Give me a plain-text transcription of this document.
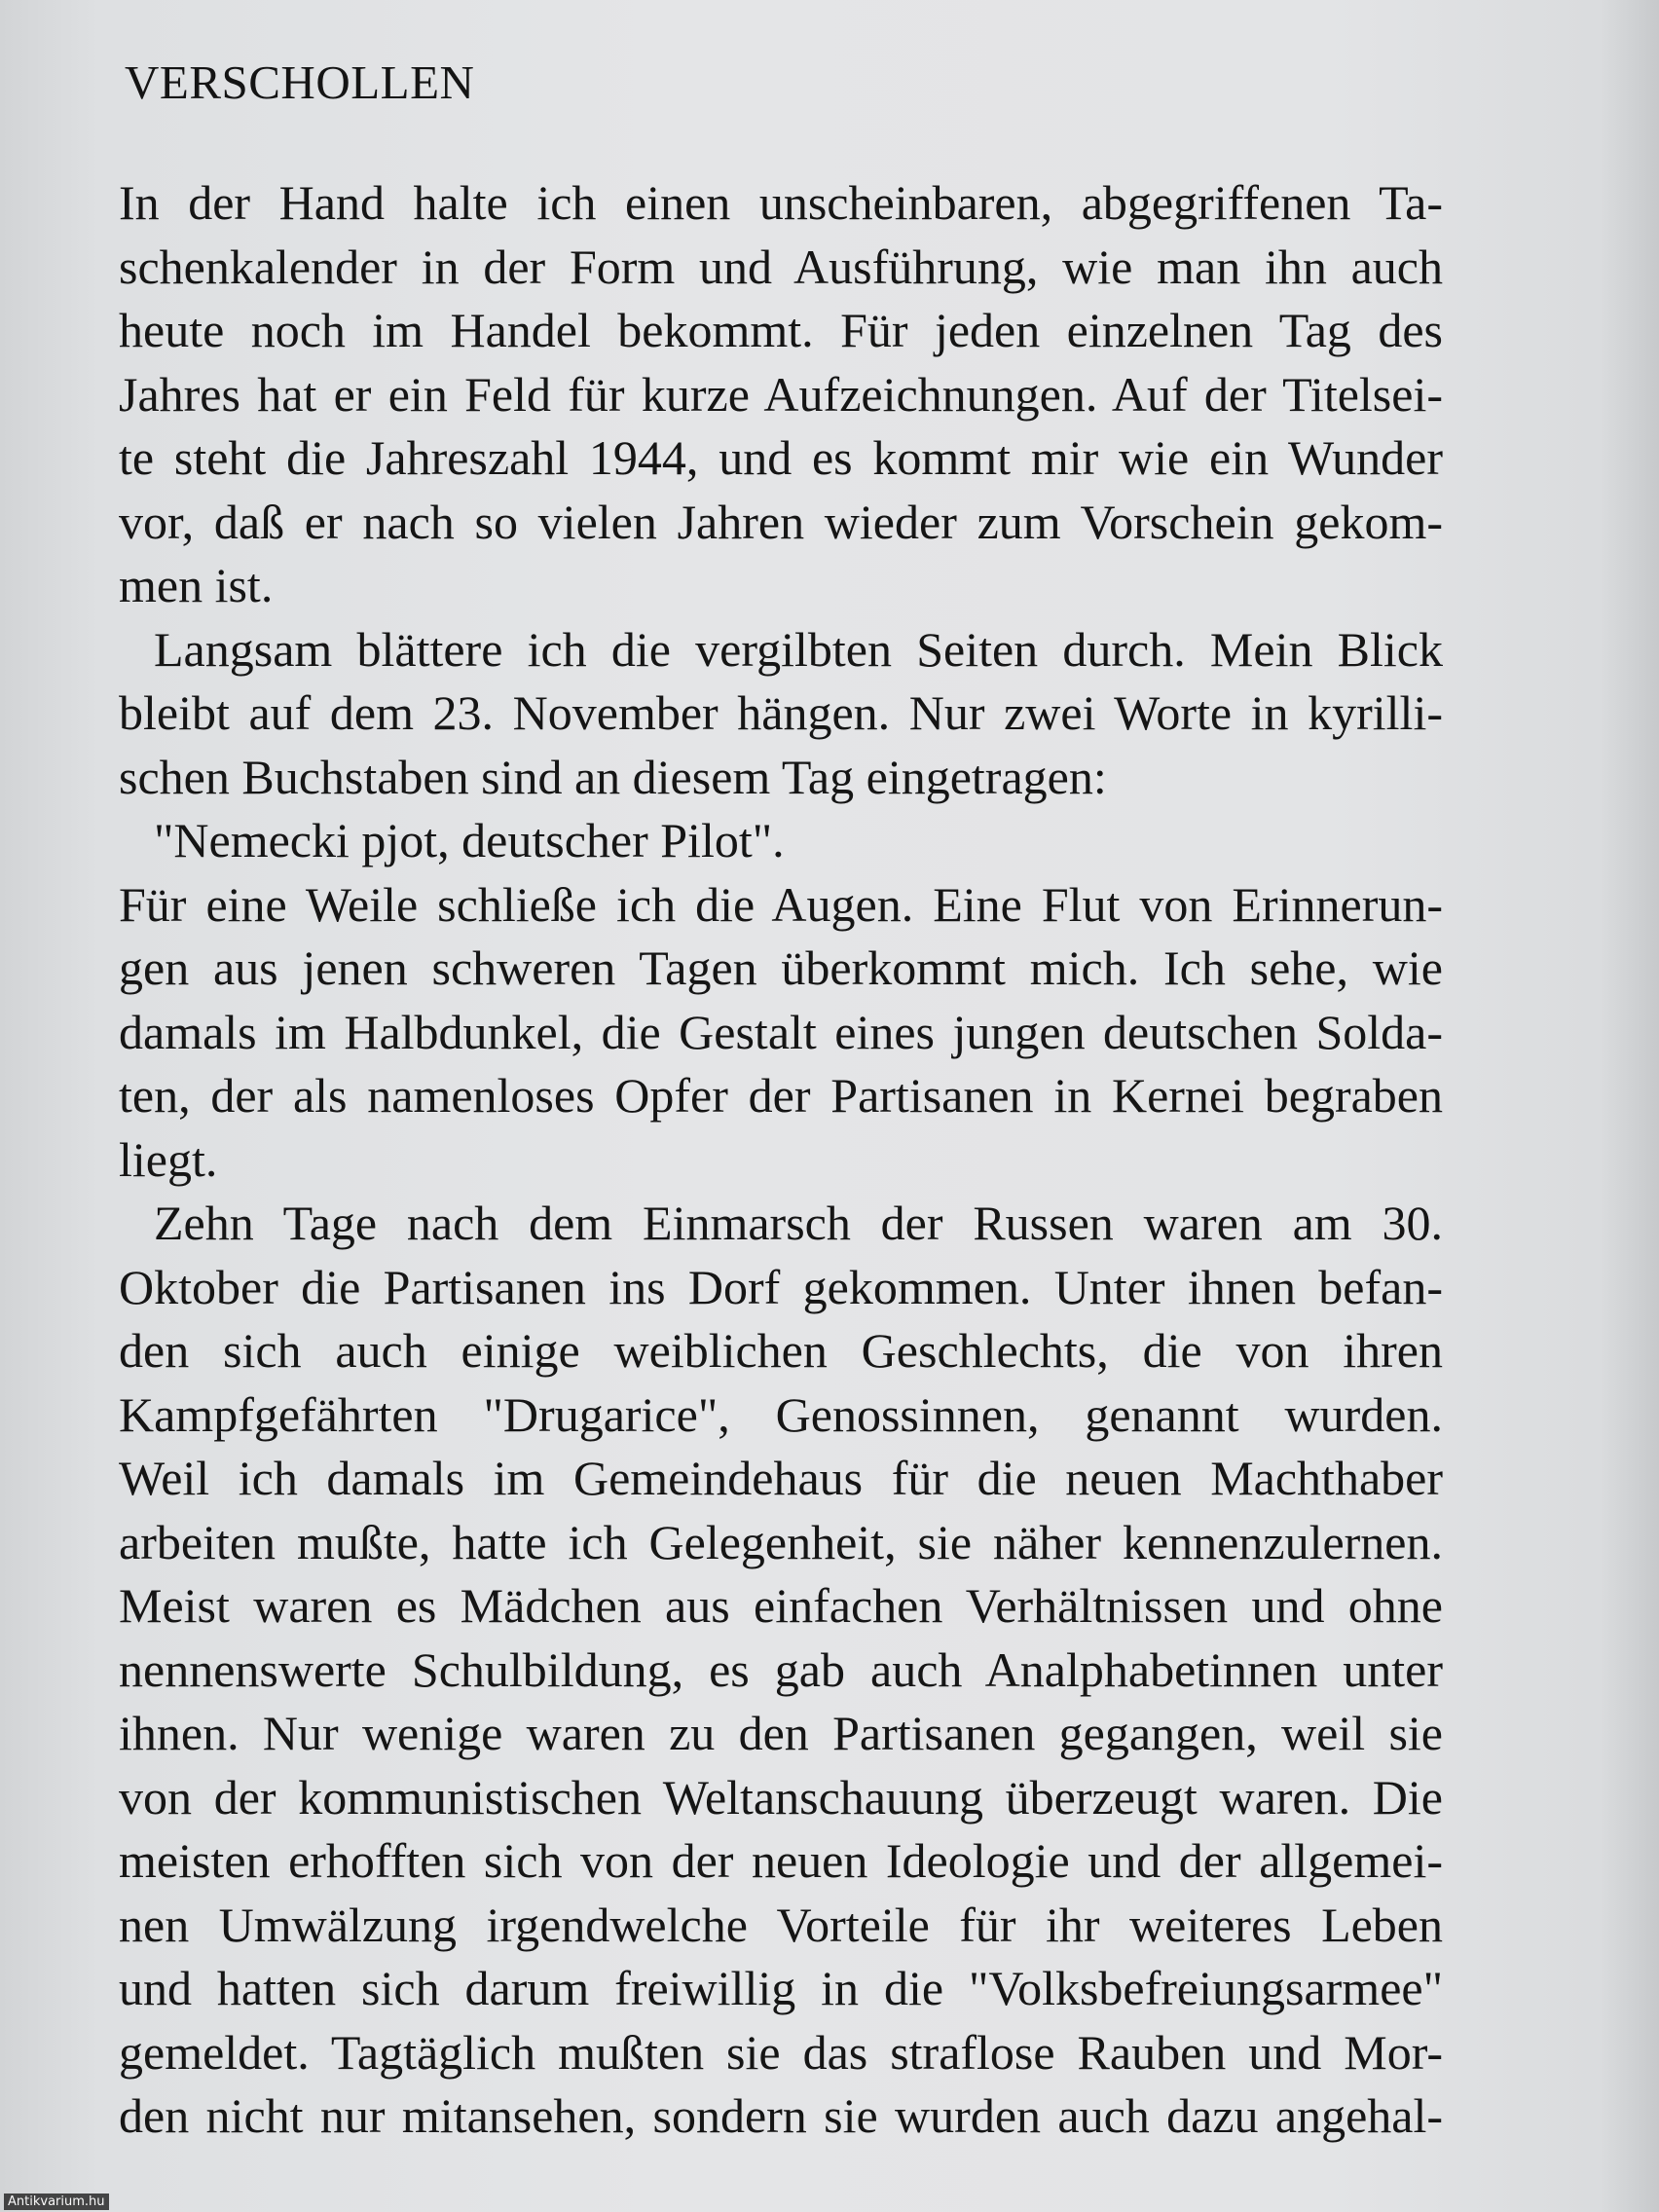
VERSCHOLLEN
In der Hand halte ich einen unscheinbaren, abgegriffenen Ta-
schenkalender in der Form und Ausführung, wie man ihn auch
heute noch im Handel bekommt. Für jeden einzelnen Tag des
Jahres hat er ein Feld für kurze Aufzeichnungen. Auf der Titelsei-
te steht die Jahreszahl 1944, und es kommt mir wie ein Wunder
vor, daß er nach so vielen Jahren wieder zum Vorschein gekom-
men ist.
Langsam blättere ich die vergilbten Seiten durch. Mein Blick
bleibt auf dem 23. November hängen. Nur zwei Worte in kyrilli-
schen Buchstaben sind an diesem Tag eingetragen:
"Nemecki pjot, deutscher Pilot".
Für eine Weile schließe ich die Augen. Eine Flut von Erinnerun-
gen aus jenen schweren Tagen überkommt mich. Ich sehe, wie
damals im Halbdunkel, die Gestalt eines jungen deutschen Solda-
ten, der als namenloses Opfer der Partisanen in Kernei begraben
liegt.
Zehn Tage nach dem Einmarsch der Russen waren am 30.
Oktober die Partisanen ins Dorf gekommen. Unter ihnen befan-
den sich auch einige weiblichen Geschlechts, die von ihren
Kampfgefährten "Drugarice", Genossinnen, genannt wurden.
Weil ich damals im Gemeindehaus für die neuen Machthaber
arbeiten mußte, hatte ich Gelegenheit, sie näher kennenzulernen.
Meist waren es Mädchen aus einfachen Verhältnissen und ohne
nennenswerte Schulbildung, es gab auch Analphabetinnen unter
ihnen. Nur wenige waren zu den Partisanen gegangen, weil sie
von der kommunistischen Weltanschauung überzeugt waren. Die
meisten erhofften sich von der neuen Ideologie und der allgemei-
nen Umwälzung irgendwelche Vorteile für ihr weiteres Leben
und hatten sich darum freiwillig in die "Volksbefreiungsarmee"
gemeldet. Tagtäglich mußten sie das straflose Rauben und Mor-
den nicht nur mitansehen, sondern sie wurden auch dazu angehal-
Antikvarium.hu
